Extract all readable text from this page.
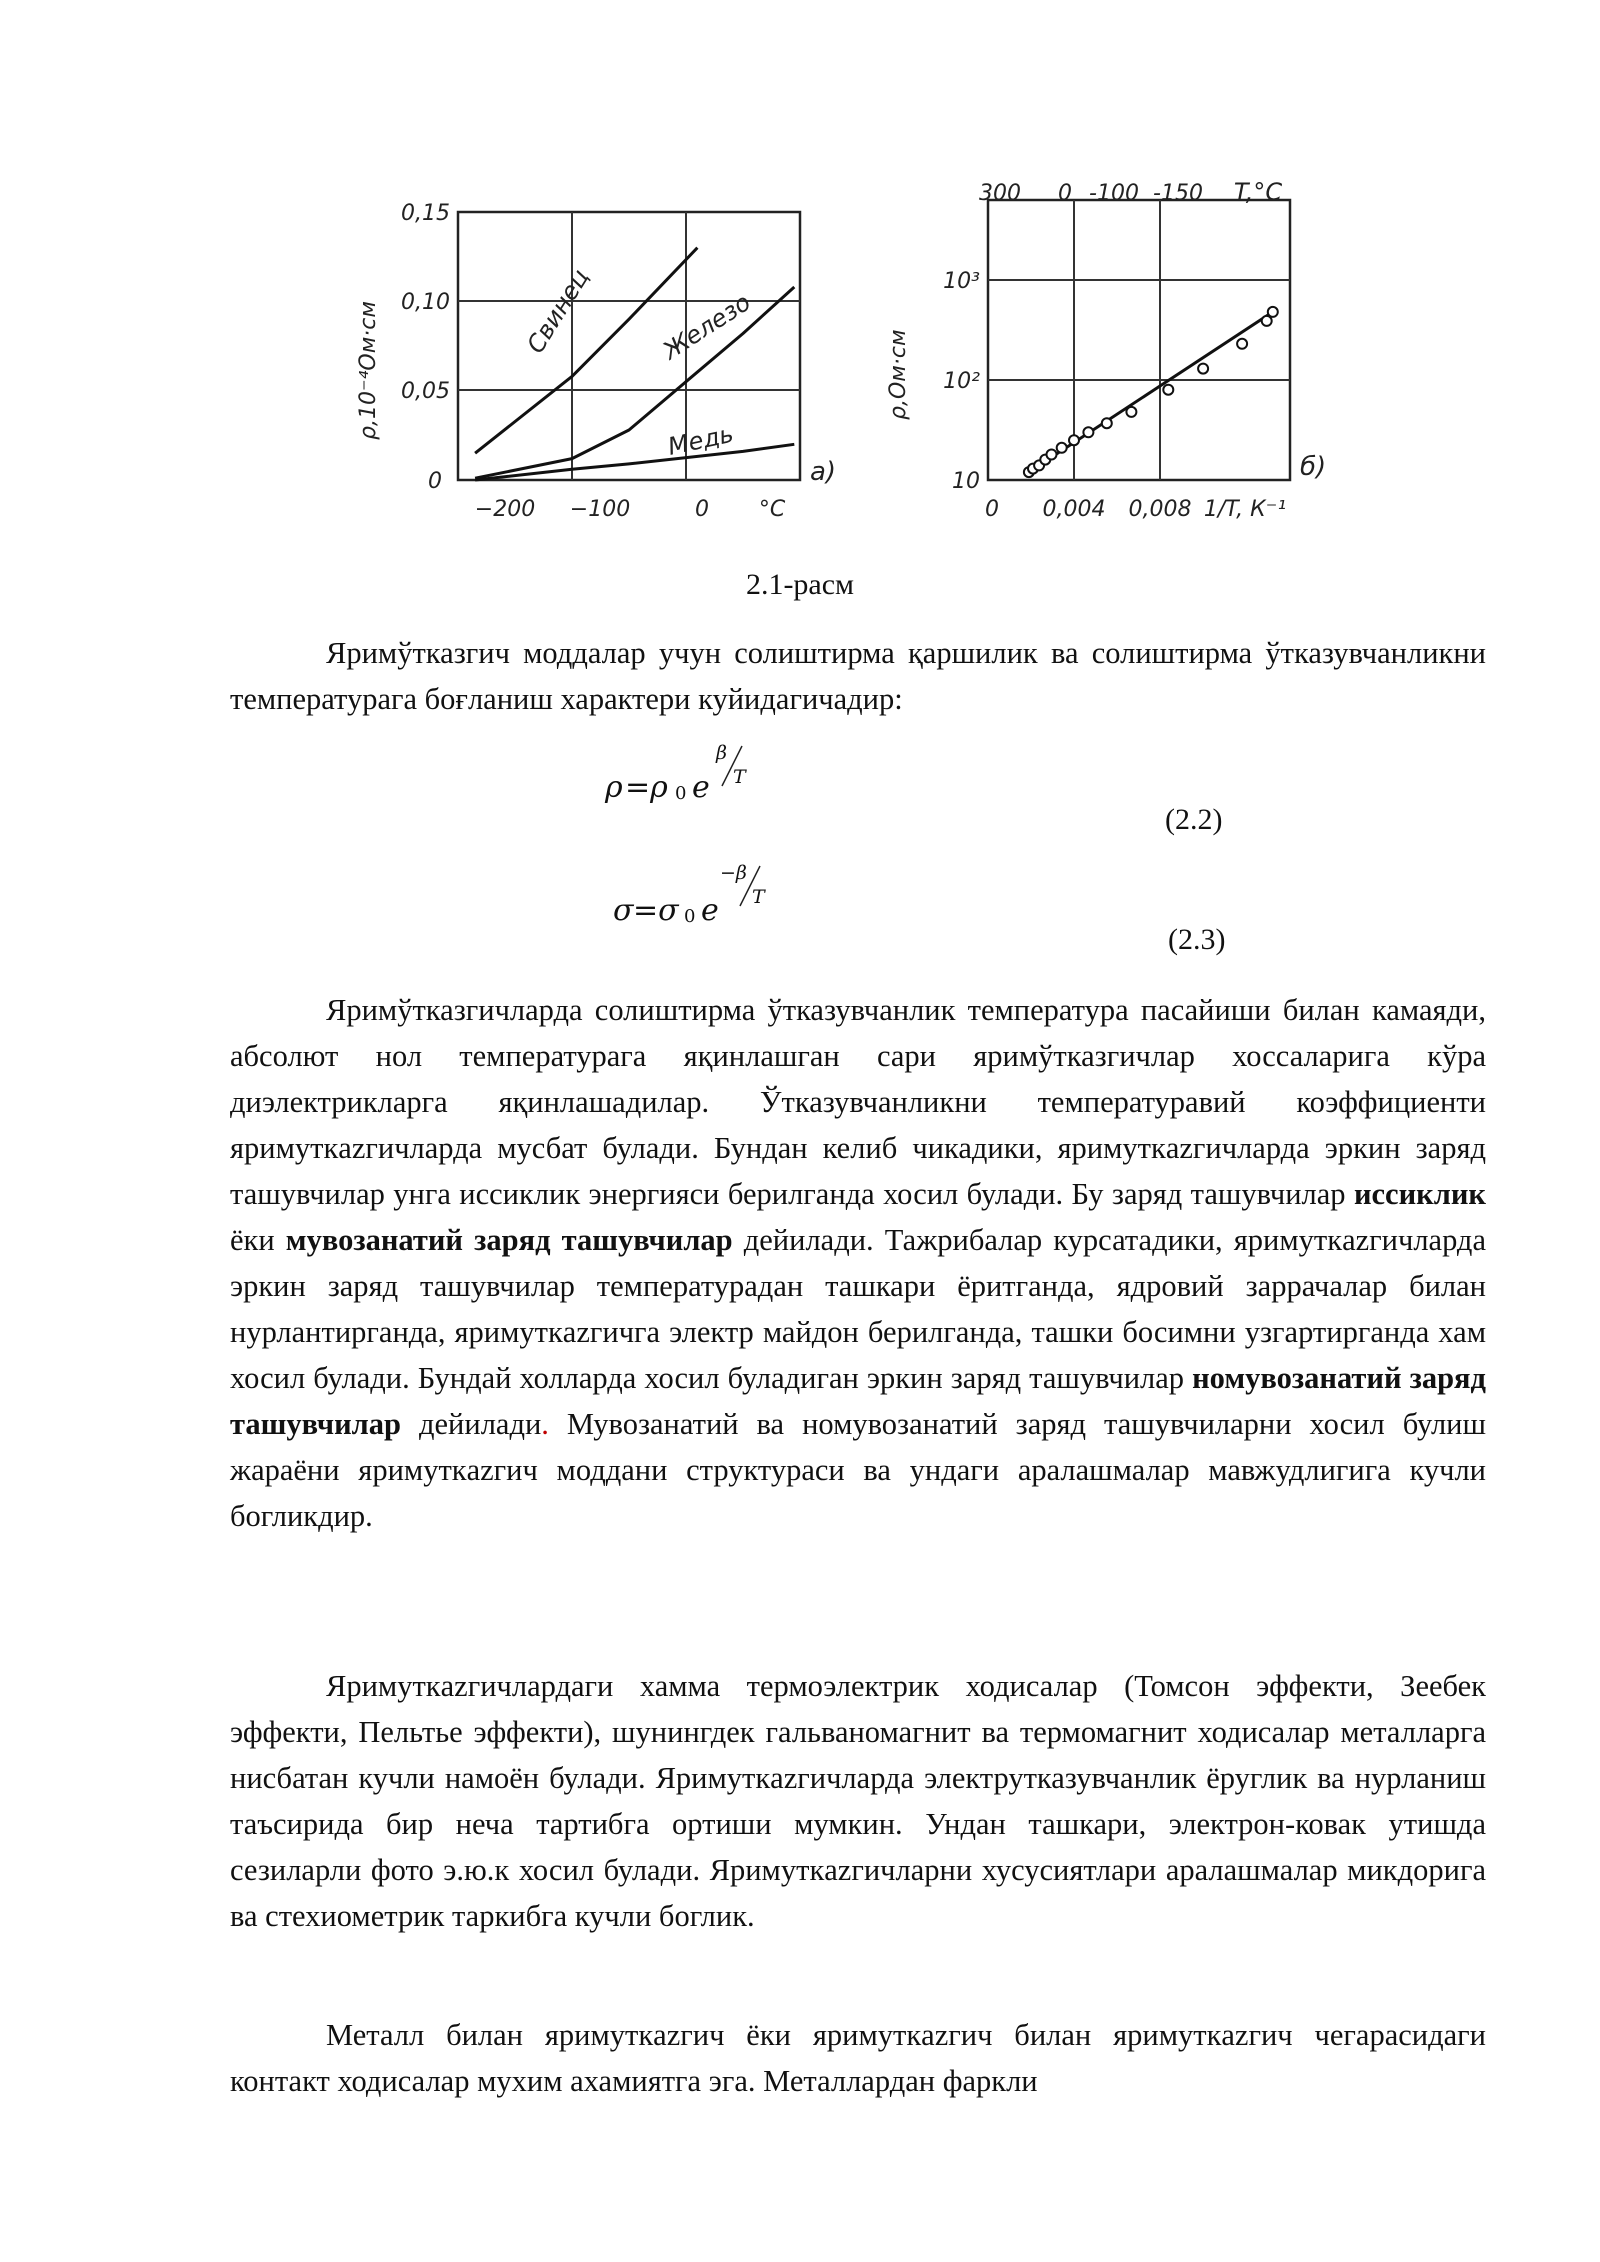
0,15
0,10
0,05
0
−200 −100	0 °С
а)
ρ,10⁻⁴Ом·см	Свинец	Железо
Медь
300 0 -100 -150 T,°С
10³
10²
10
0 0,004 0,008 1/T, К⁻¹
б)
ρ,Ом·см
2.1-расм

Яримўтказгич моддалар учун солиштирма қаршилик ва солиштирма ўтказувчанликни температурага боғланиш характери куйидагичадир:

ρ =ρ 0 e
β
T
(2.2)
σ =σ 0 e
−β
T
(2.3)

Яримўтказгичларда солиштирма ўтказувчанлик температура пасайиши билан камаяди, абсолют нол температурага яқинлашган сари яримўтказгичлар хоссаларига кўра диэлектрикларга яқинлашадилар. Ўтказувчанликни температуравий коэффициенти яримуткazгичларда мусбат булади. Бундан келиб чикадики, яримуткazгичларда эркин заряд ташувчилар унга иссиклик энергияси берилганда хосил булади. Бу заряд ташувчилар иссиклик ёки мувозанатий заряд ташувчилар дейилади. Тажрибалар курсатадики, яримуткazгичларда эркин заряд ташувчилар температурадан ташкари ёритганда, ядровий заррачалар билан нурлантирганда, яримуткazгичга электр майдон берилганда, ташки босимни узгартирганда хам хосил булади. Бундай холларда хосил буладиган эркин заряд ташувчилар номувозанатий заряд ташувчилар дейилади. Мувозанатий ва номувозанатий заряд ташувчиларни хосил булиш жараёни яримуткazгич моддани структураси ва ундаги аралашмалар мавжудлигига кучли богликдир.

Яримуткazгичлардаги хамма термоэлектрик ходисалар (Томсон эффекти, Зеебек эффекти, Пельтье эффекти), шунингдек гальваномагнит ва термомагнит ходисалар металларга нисбатан кучли намоён булади. Яримуткazгичларда электрутказувчанлик ёруглик ва нурланиш таъсирида бир неча тартибга ортиши мумкин. Ундан ташкари, электрон-ковак утишда сезиларли фото э.ю.к хосил булади. Яримуткazгичларни хусусиятлари аралашмалар микдорига ва стехиометрик таркибга кучли боглик.

Металл билан яримуткazгич ёки яримуткazгич билан яримуткazгич чегарасидаги контакт ходисалар мухим ахамиятга эга. Металлардан фаркли
